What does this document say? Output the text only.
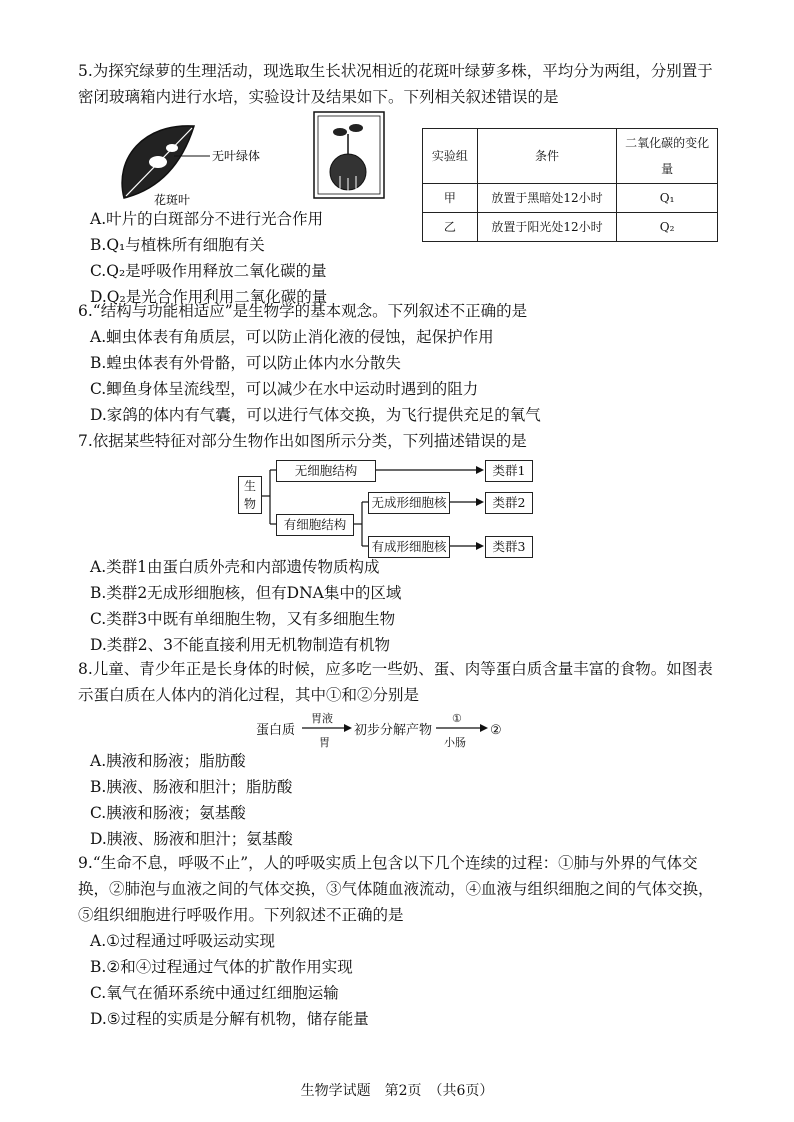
5.为探究绿萝的生理活动，现选取生长状况相近的花斑叶绿萝多株，平均分为两组，分别置于密闭玻璃箱内进行水培，实验设计及结果如下。下列相关叙述错误的是

无叶绿体
花斑叶
实验组	条件	二氧化碳的变化量
甲	放置于黑暗处12小时	Q₁
乙	放置于阳光处12小时	Q₂

A.叶片的白斑部分不进行光合作用

B.Q₁与植株所有细胞有关

C.Q₂是呼吸作用释放二氧化碳的量

D.Q₂是光合作用利用二氧化碳的量

6.“结构与功能相适应”是生物学的基本观念。下列叙述不正确的是

A.蛔虫体表有角质层，可以防止消化液的侵蚀，起保护作用

B.蝗虫体表有外骨骼，可以防止体内水分散失

C.鲫鱼身体呈流线型，可以减少在水中运动时遇到的阻力

D.家鸽的体内有气囊，可以进行气体交换，为飞行提供充足的氧气

7.依据某些特征对部分生物作出如图所示分类，下列描述错误的是

生物
无细胞结构
有细胞结构
无成形细胞核
有成形细胞核
类群1
类群2
类群3

A.类群1由蛋白质外壳和内部遗传物质构成

B.类群2无成形细胞核，但有DNA集中的区域

C.类群3中既有单细胞生物，又有多细胞生物

D.类群2、3不能直接利用无机物制造有机物

8.儿童、青少年正是长身体的时候，应多吃一些奶、蛋、肉等蛋白质含量丰富的食物。如图表示蛋白质在人体内的消化过程，其中①和②分别是

蛋白质
胃液
胃
初步分解产物
①
小肠
②

A.胰液和肠液；脂肪酸

B.胰液、肠液和胆汁；脂肪酸

C.胰液和肠液；氨基酸

D.胰液、肠液和胆汁；氨基酸

9.“生命不息，呼吸不止”，人的呼吸实质上包含以下几个连续的过程：①肺与外界的气体交换，②肺泡与血液之间的气体交换，③气体随血液流动，④血液与组织细胞之间的气体交换，⑤组织细胞进行呼吸作用。下列叙述不正确的是

A.①过程通过呼吸运动实现

B.②和④过程通过气体的扩散作用实现

C.氧气在循环系统中通过红细胞运输

D.⑤过程的实质是分解有机物，储存能量

生物学试题　第2页　（共6页）
